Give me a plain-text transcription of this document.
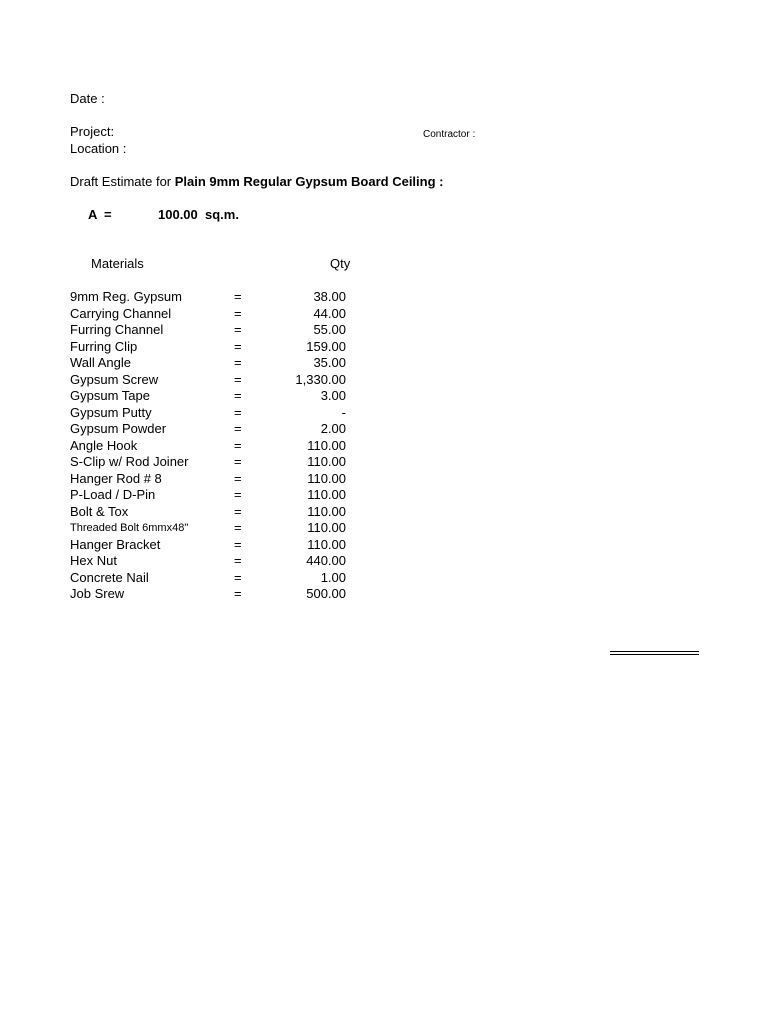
Date :
Project:	Contractor :
Location :
Draft Estimate for Plain 9mm Regular Gypsum Board Ceiling :
A =	100.00 sq.m.
Materials	Qty
9mm Reg. Gypsum	=	38.00
Carrying Channel	=	44.00
Furring Channel	=	55.00
Furring Clip	=	159.00
Wall Angle	=	35.00
Gypsum Screw	=	1,330.00
Gypsum Tape	=	3.00
Gypsum Putty	=	-
Gypsum Powder	=	2.00
Angle Hook	=	110.00
S-Clip w/ Rod Joiner	=	110.00
Hanger Rod # 8	=	110.00
P-Load / D-Pin	=	110.00
Bolt & Tox	=	110.00
Threaded Bolt 6mmx48"	=	110.00
Hanger Bracket	=	110.00
Hex Nut	=	440.00
Concrete Nail	=	1.00
Job Srew	=	500.00
